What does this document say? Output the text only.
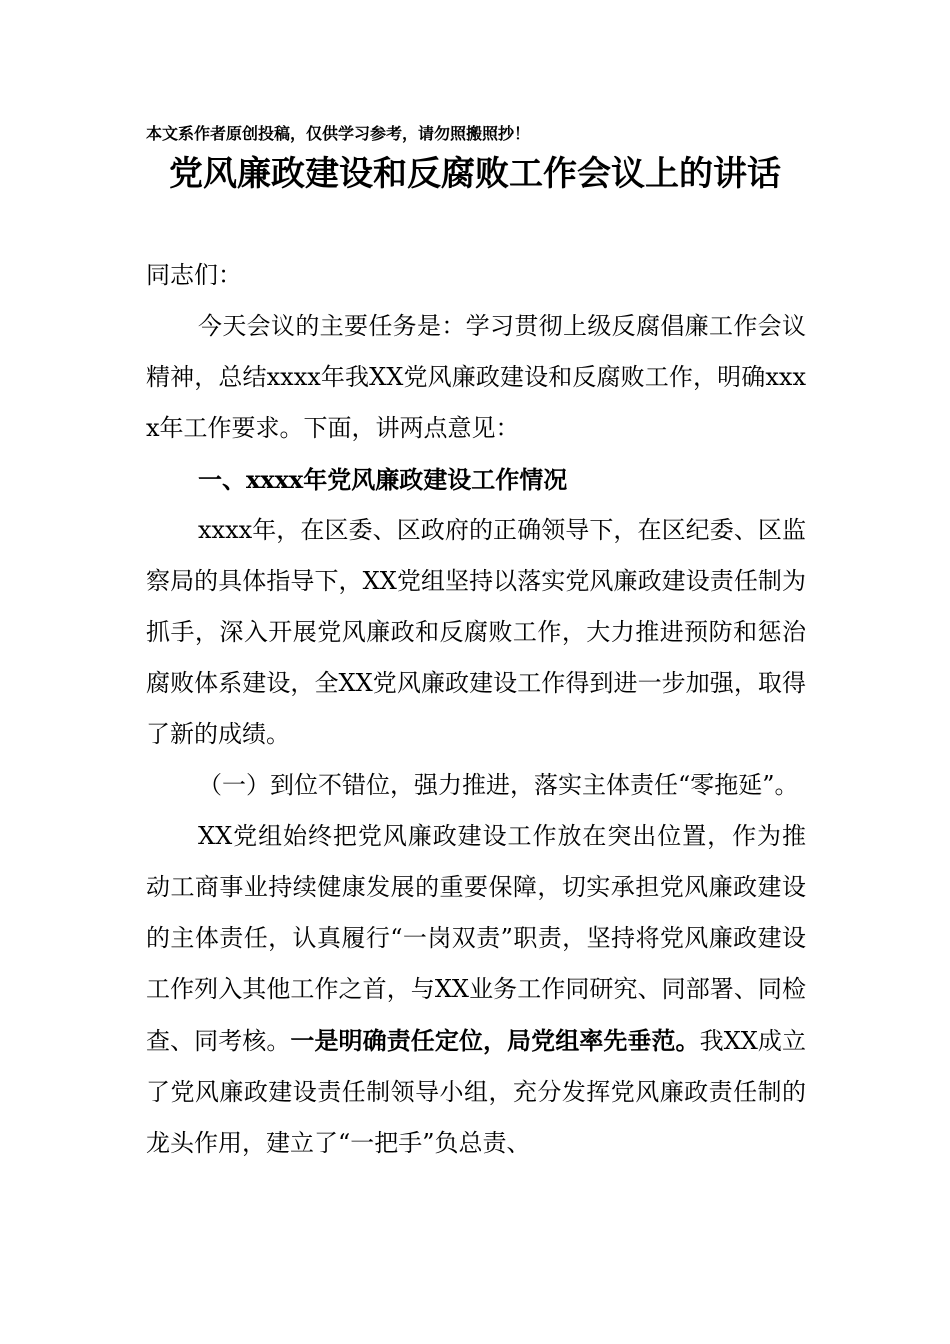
本文系作者原创投稿，仅供学习参考，请勿照搬照抄！
党风廉政建设和反腐败工作会议上的讲话

同志们：

今天会议的主要任务是：学习贯彻上级反腐倡廉工作会议精神，总结xxxx年我XX党风廉政建设和反腐败工作，明确xxxx年工作要求。下面，讲两点意见：

一、xxxx年党风廉政建设工作情况

xxxx年，在区委、区政府的正确领导下，在区纪委、区监察局的具体指导下，XX党组坚持以落实党风廉政建设责任制为抓手，深入开展党风廉政和反腐败工作，大力推进预防和惩治腐败体系建设，全XX党风廉政建设工作得到进一步加强，取得了新的成绩。

（一）到位不错位，强力推进，落实主体责任“零拖延”。

XX党组始终把党风廉政建设工作放在突出位置，作为推动工商事业持续健康发展的重要保障，切实承担党风廉政建设的主体责任，认真履行“一岗双责”职责，坚持将党风廉政建设工作列入其他工作之首，与XX业务工作同研究、同部署、同检查、同考核。一是明确责任定位，局党组率先垂范。我XX成立了党风廉政建设责任制领导小组，充分发挥党风廉政责任制的龙头作用，建立了“一把手”负总责、
